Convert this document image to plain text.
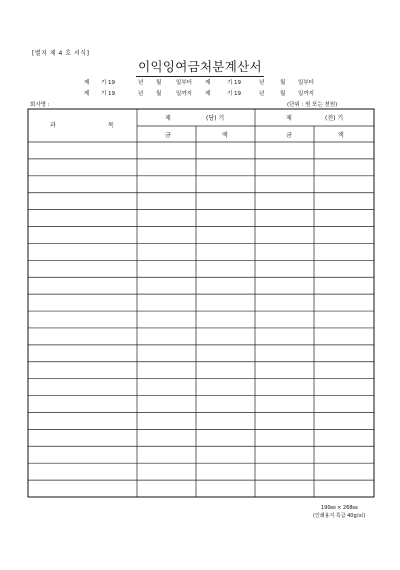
[별지 제 4 호 서식]
이익잉여금처분계산서
제 기 19	년 월	일부터 제	기 19	년	월 일부터
제 기 19	년 월	일까지 제	기 19	년	월 일까지
회사명 :	(단위 : 원 또는 천원)
과	목
제	(당) 기	제	(전) 기
금	액	금	액
190㎜ × 268㎜
(인쇄용지 특급 40g/㎡)
